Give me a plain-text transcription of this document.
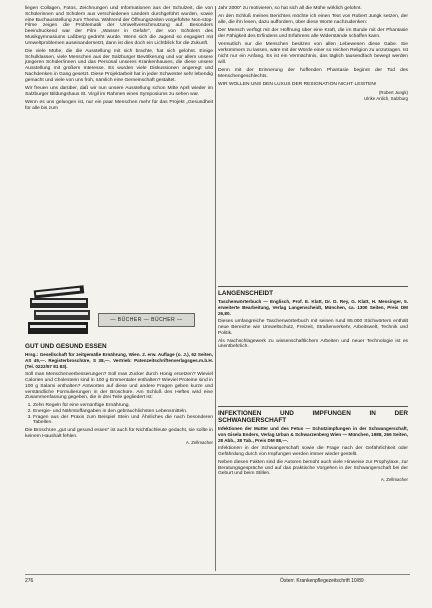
liegen Collagen, Fotos, Zeichnungen und Informationen aus der Schulzeit, die von Schülerinnen und Schülern aus verschiedenen Ländern durchgeführt wurden, sowie eine Buchausstellung zum Thema. Während der Öffnungszeiten vorgeführte Non-stop-Filme zeigen die Problematik der Umweltverschmutzung auf. Besonders beeindruckend war der Film „Wasser in Gefahr“, der von Schülern des Musikgymnasiums Laßberg gedreht wurde. Wenn sich die Jugend so engagiert mit Umweltproblemen auseinandersetzt, dann ist dies doch ein Lichtblick für die Zukunft.

Die viele Mühe, die die Ausstellung mit sich brachte, hat sich gelohnt. Einige Schulklassen, viele Menschen aus der Salzburger Bevölkerung und vor allem unsere jüngeren Schüler/innen und das Personal unseres Krankenhauses, die diese unsere Ausstellung mit großem Interesse. Es wurden viele Diskussionen angeregt und Nachdenken in Gang gesetzt. Diese Projektarbeit hat in jeder Schwester sehr lebendig gemacht und viele von uns froh, nämlich eine Gemeinschaft gestaltet.

Wir freuen uns darüber, daß wir nun unsere Ausstellung schon Mitte April wieder im Salzburger Bildungshaus St. Virgil im Rahmen eines Symposiums zu sehen war.

Wenn es uns gelungen ist, nur ein paar Menschen mehr für das Projekt „Gesundheit für alle bis zum

Jahr 2000“ zu motivieren, so hat sich all die Mühe wirklich gelohnt.

An den Schluß meines Berichtes möchte ich einen Text von Robert Jungk setzen, der alle, die ihn lesen, dazu auffordern, über diese Worte nachzudenken:

Der Mensch verfügt mit der Hoffnung über eine Kraft, die im Bunde mit der Phantasie der Fähigkeit des Erfindens und Erfahrens alle Widerstände schaffen kann.

Vermutlich nur die Menschen besitzen von allen Lebewesen diese Gabe. Sie verkümmern zu lassen, wäre mit der Würde einer so reichen Religion zu unzutragen. Ist nicht nur ein Anfang. Es ist ein Vermächtnis, das täglich tausendfach bewegt werden will.

Denn mit der Erinnerung der hoffenden Phantasie beginnt der Tod des Menschengeschlechts.

WIR WOLLEN UNS DEN LUXUS DER RESIGNATION NICHT LEISTEN!

(Robert Jungk)
Ulrike Anlich, Salzburg
— BÜCHER — BÜCHER —
GUT UND GESUND ESSEN
Hrsg.: Gesellschaft für zeitgemäße Ernährung, Wien. 2. erw. Auflage (o. J.), 62 Seiten, AS 49,—. Registerbroschüre, S 38,—. Vertrieb: Patenzeitschriftenverlagsges.m.b.H. (Tel. 0222/57 81 83).

Soll man Menschenverbesserungen? Soll man Zucker durch Honig ersetzen? Wieviel Calorien und Cholesterin sind in 100 g Emmentaler enthalten? Wieviel Proteine sind in 100 g Salami enthalten? Antworten auf diese und andere Fragen geben kurze und verständliche Formulierungen in der Broschüre. Am Schluß des Heftes wird eine Zusammenfassung gegeben, die in drei Teile gegliedert ist:

1. Zehn Regeln für eine vernünftige Ernährung.
2. Energie- und Nährstoffangaben in den gebräuchlichsten Lebensmitteln.
3. Fragen aus der Praxis zum Beispiel Stein und Ähnliches die nach besonderen Tabellen.

Die Broschüre „gut und gesund essen“ ist auch für Nichtfachleute gedacht, sie sollte in keinem Haushalt fehlen.

A. Zellmacher
LANGENSCHEIDT
Taschenwörterbuch — Englisch, Prof. E. Klatt, Dr. D. Rey, G. Klatt, H. Messinger, 5. erweiterte Bearbeitung, Verlag Langenscheidt, München, ca. 1300 Seiten, Preis DM 26,80.

Dieses umfangreiche Taschenwörterbuch mit seinen rund 85.000 Stichwörtern enthält neue Bereiche wie Umweltschutz, Freizeit, Straßenverkehr, Arbeitswelt, Technik und Politik.

Als Nachschlagewerk zu wissenschaftlichem Arbeiten und neuer Technologie ist es unentbehrlich.

INFEKTIONEN UND IMPFUNGEN IN DER SCHWANGERSCHAFT
Infektionen der Mutter und des Fetus — Schutzimpfungen in der Schwangerschaft, von Gisela Enders, Verlag Urban & Schwarzenberg Wien — München, 1988, 266 Seiten, 28 Abb., 38 Tab., Preis DM 88,—.

Infektionen in der Schwangerschaft sowie die Frage nach der Gefährlichkeit oder Gefährdung durch von Impfungen werden immer wieder gestellt.

Neben diesen Fakten sind die Autoren bemüht auch viele Hinweise zur Prophylaxe, zur Beratungsgespräche und auf das praktische Vorgehen in der Schwangerschaft bei der Geburt und beim Stillen.

A. Zellmacher
276	Österr. Krankenpflegezeitschrift 10/89
